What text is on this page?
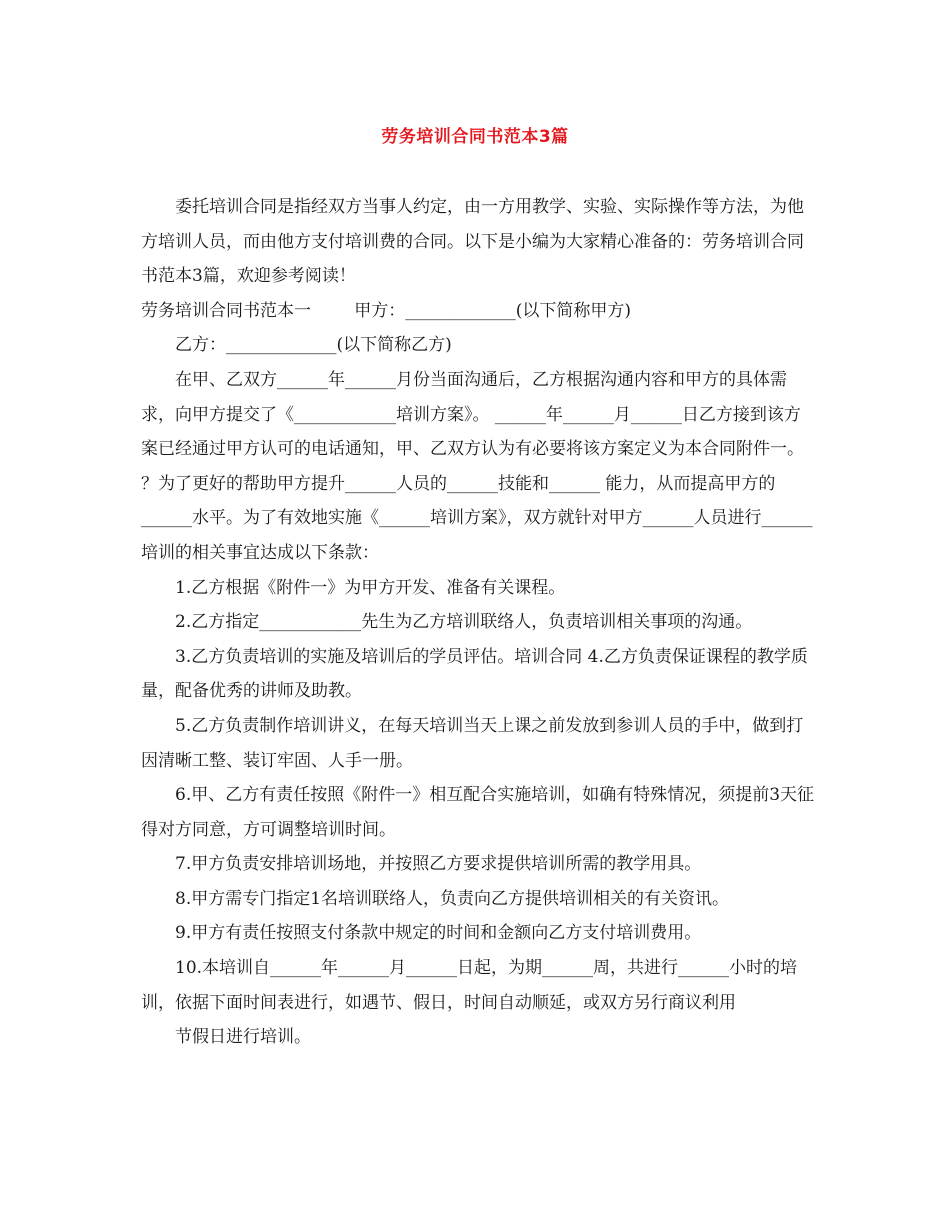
劳务培训合同书范本3篇

委托培训合同是指经双方当事人约定，由一方用教学、实验、实际操作等方法，为他方培训人员，而由他方支付培训费的合同。以下是小编为大家精心准备的：劳务培训合同书范本3篇，欢迎参考阅读！

劳务培训合同书范本一        甲方：_____________(以下简称甲方)

乙方：_____________(以下简称乙方)

在甲、乙双方______年______月份当面沟通后，乙方根据沟通内容和甲方的具体需求，向甲方提交了《____________培训方案》。 ______年______月______日乙方接到该方案已经通过甲方认可的电话通知，甲、乙双方认为有必要将该方案定义为本合同附件一。 ？为了更好的帮助甲方提升______人员的______技能和______ 能力，从而提高甲方的______水平。为了有效地实施《______培训方案》，双方就针对甲方______人员进行______培训的相关事宜达成以下条款：

1.乙方根据《附件一》为甲方开发、准备有关课程。

2.乙方指定____________先生为乙方培训联络人，负责培训相关事项的沟通。

3.乙方负责培训的实施及培训后的学员评估。培训合同 4.乙方负责保证课程的教学质量，配备优秀的讲师及助教。

5.乙方负责制作培训讲义，在每天培训当天上课之前发放到参训人员的手中，做到打因清晰工整、装订牢固、人手一册。

6.甲、乙方有责任按照《附件一》相互配合实施培训，如确有特殊情况，须提前3天征得对方同意，方可调整培训时间。

7.甲方负责安排培训场地，并按照乙方要求提供培训所需的教学用具。

8.甲方需专门指定1名培训联络人，负责向乙方提供培训相关的有关资讯。

9.甲方有责任按照支付条款中规定的时间和金额向乙方支付培训费用。

10.本培训自______年______月______日起，为期______周，共进行______小时的培训，依据下面时间表进行，如遇节、假日，时间自动顺延，或双方另行商议利用

节假日进行培训。
